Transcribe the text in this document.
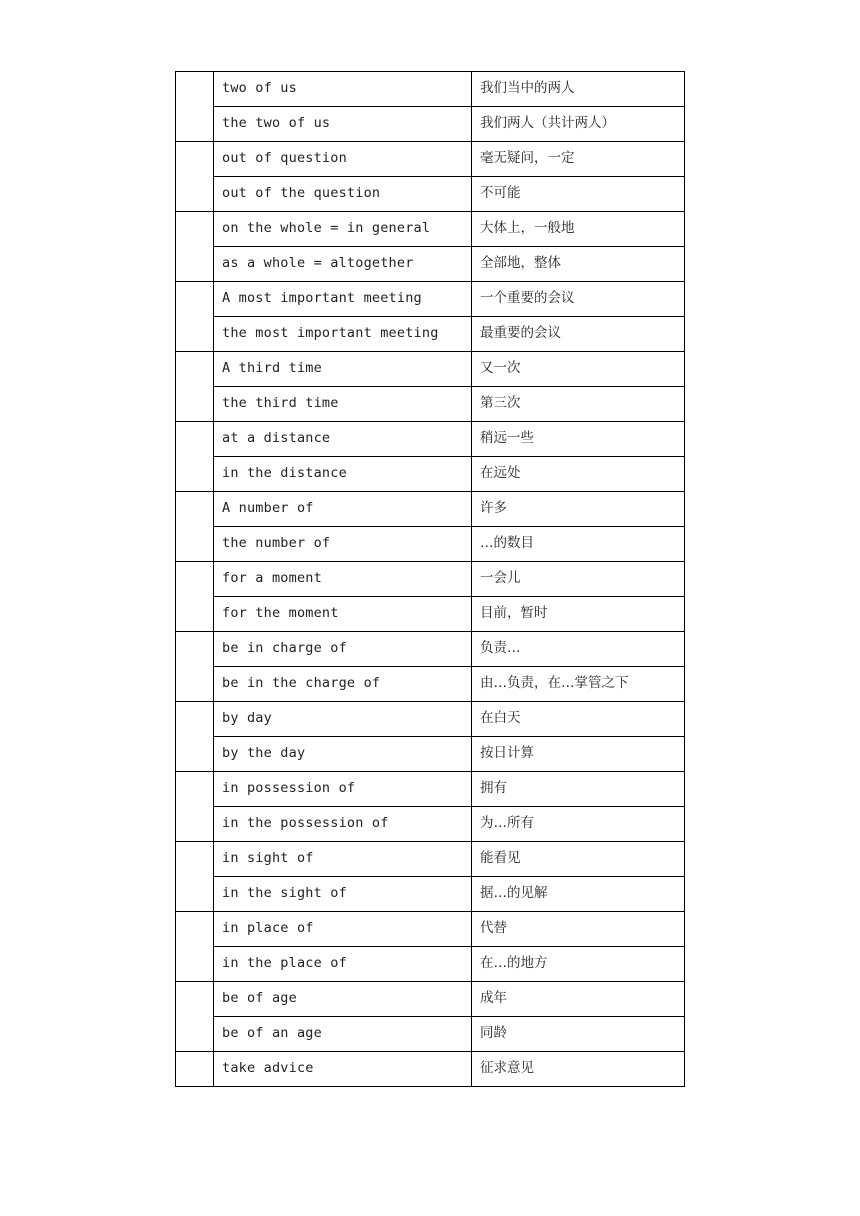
	two of us	我们当中的两人
	the two of us	我们两人（共计两人）
	out of question	毫无疑问，一定
	out of the question	不可能
	on the whole = in general	大体上，一般地
	as a whole = altogether	全部地，整体
	A most important meeting	一个重要的会议
	the most important meeting	最重要的会议
	A third time	又一次
	the third time	第三次
	at a distance	稍远一些
	in the distance	在远处
	A number of	许多
	the number of	…的数目
	for a moment	一会儿
	for the moment	目前，暂时
	be in charge of	负责…
	be in the charge of	由…负责，在…掌管之下
	by day	在白天
	by the day	按日计算
	in possession of	拥有
	in the possession of	为…所有
	in sight of	能看见
	in the sight of	据…的见解
	in place of	代替
	in the place of	在…的地方
	be of age	成年
	be of an age	同龄
	take advice	征求意见
